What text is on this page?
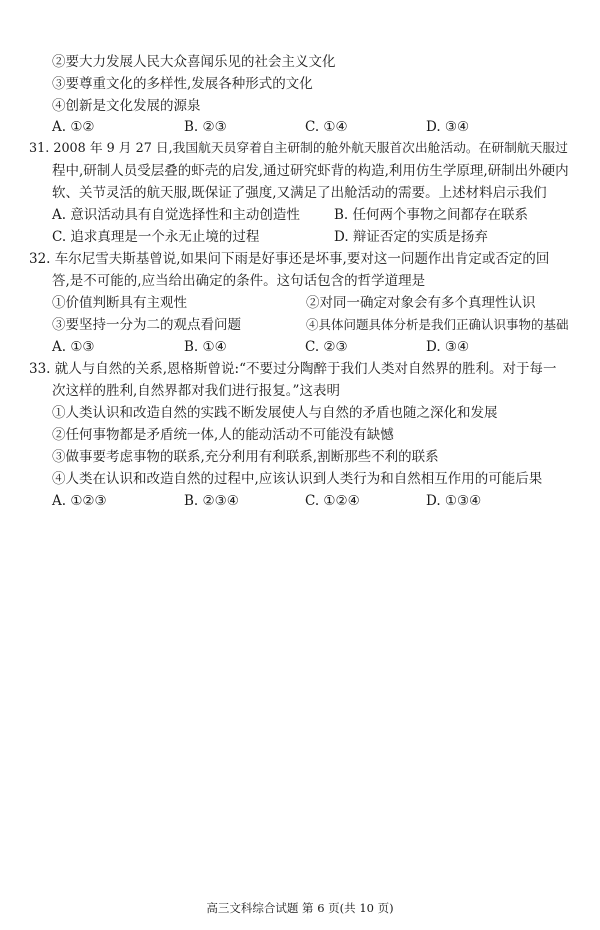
②要大力发展人民大众喜闻乐见的社会主义文化
③要尊重文化的多样性,发展各种形式的文化
④创新是文化发展的源泉
A. ①②	B. ②③	C. ①④	D. ③④
31. 2008 年 9 月 27 日,我国航天员穿着自主研制的舱外航天服首次出舱活动。在研制航天服过
程中,研制人员受层叠的虾壳的启发,通过研究虾背的构造,利用仿生学原理,研制出外硬内
软、关节灵活的航天服,既保证了强度,又满足了出舱活动的需要。上述材料启示我们
A. 意识活动具有自觉选择性和主动创造性	B. 任何两个事物之间都存在联系
C. 追求真理是一个永无止境的过程	D. 辩证否定的实质是扬弃
32. 车尔尼雪夫斯基曾说,如果问下雨是好事还是坏事,要对这一问题作出肯定或否定的回
答,是不可能的,应当给出确定的条件。这句话包含的哲学道理是
①价值判断具有主观性	②对同一确定对象会有多个真理性认识
③要坚持一分为二的观点看问题	④具体问题具体分析是我们正确认识事物的基础
A. ①③	B. ①④	C. ②③	D. ③④
33. 就人与自然的关系,恩格斯曾说:“不要过分陶醉于我们人类对自然界的胜利。对于每一
次这样的胜利,自然界都对我们进行报复。”这表明
①人类认识和改造自然的实践不断发展使人与自然的矛盾也随之深化和发展
②任何事物都是矛盾统一体,人的能动活动不可能没有缺憾
③做事要考虑事物的联系,充分利用有利联系,割断那些不利的联系
④人类在认识和改造自然的过程中,应该认识到人类行为和自然相互作用的可能后果
A. ①②③	B. ②③④	C. ①②④	D. ①③④
高三文科综合试题 第 6 页(共 10 页)
